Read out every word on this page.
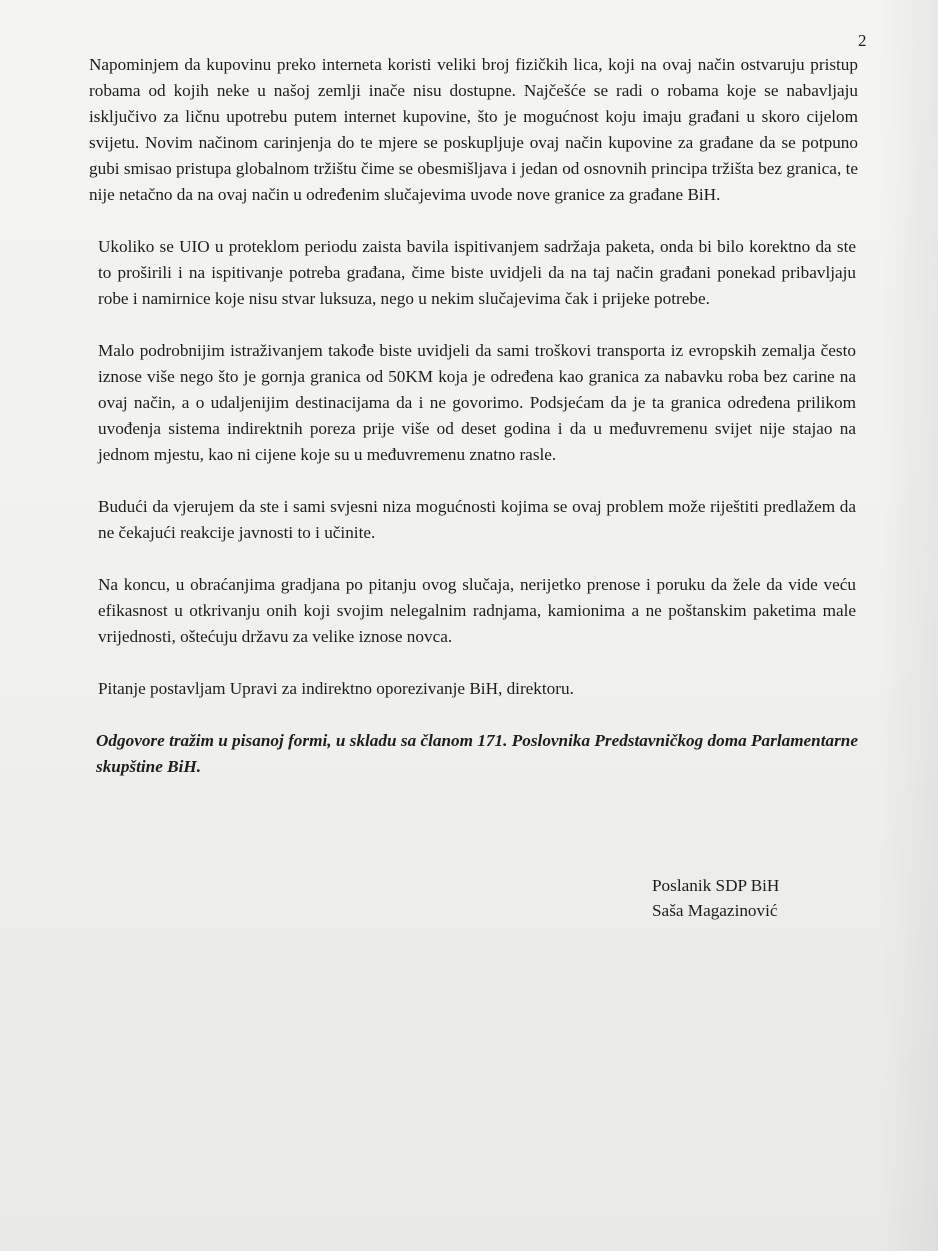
2

Napominjem da kupovinu preko interneta koristi veliki broj fizičkih lica, koji na ovaj način ostvaruju pristup robama od kojih neke u našoj zemlji inače nisu dostupne. Najčešće se radi o robama koje se nabavljaju isključivo za ličnu upotrebu putem internet kupovine, što je mogućnost koju imaju građani u skoro cijelom svijetu. Novim načinom carinjenja do te mjere se poskupljuje ovaj način kupovine za građane da se potpuno gubi smisao pristupa globalnom tržištu čime se obesmišljava i jedan od osnovnih principa tržišta bez granica, te nije netačno da na ovaj način u određenim slučajevima uvode nove granice za građane BiH.

Ukoliko se UIO u proteklom periodu zaista bavila ispitivanjem sadržaja paketa, onda bi bilo korektno da ste to proširili i na ispitivanje potreba građana, čime biste uvidjeli da na taj način građani ponekad pribavljaju robe i namirnice koje nisu stvar luksuza, nego u nekim slučajevima čak i prijeke potrebe.

Malo podrobnijim istraživanjem takođe biste uvidjeli da sami troškovi transporta iz evropskih zemalja često iznose više nego što je gornja granica od 50KM koja je određena kao granica za nabavku roba bez carine na ovaj način, a o udaljenijim destinacijama da i ne govorimo. Podsjećam da je ta granica određena prilikom uvođenja sistema indirektnih poreza prije više od deset godina i da u međuvremenu svijet nije stajao na jednom mjestu, kao ni cijene koje su u međuvremenu znatno rasle.

Budući da vjerujem da ste i sami svjesni niza mogućnosti kojima se ovaj problem može riještiti predlažem da ne čekajući reakcije javnosti to i učinite.

Na koncu, u obraćanjima gradjana po pitanju ovog slučaja, nerijetko prenose i poruku da žele da vide veću efikasnost u otkrivanju onih koji svojim nelegalnim radnjama, kamionima a ne poštanskim paketima male vrijednosti, oštećuju državu za velike iznose novca.

Pitanje postavljam Upravi za indirektno oporezivanje BiH, direktoru.

Odgovore tražim u pisanoj formi, u skladu sa članom 171. Poslovnika Predstavničkog doma Parlamentarne skupštine BiH.

Poslanik SDP BiH
Saša Magazinović
